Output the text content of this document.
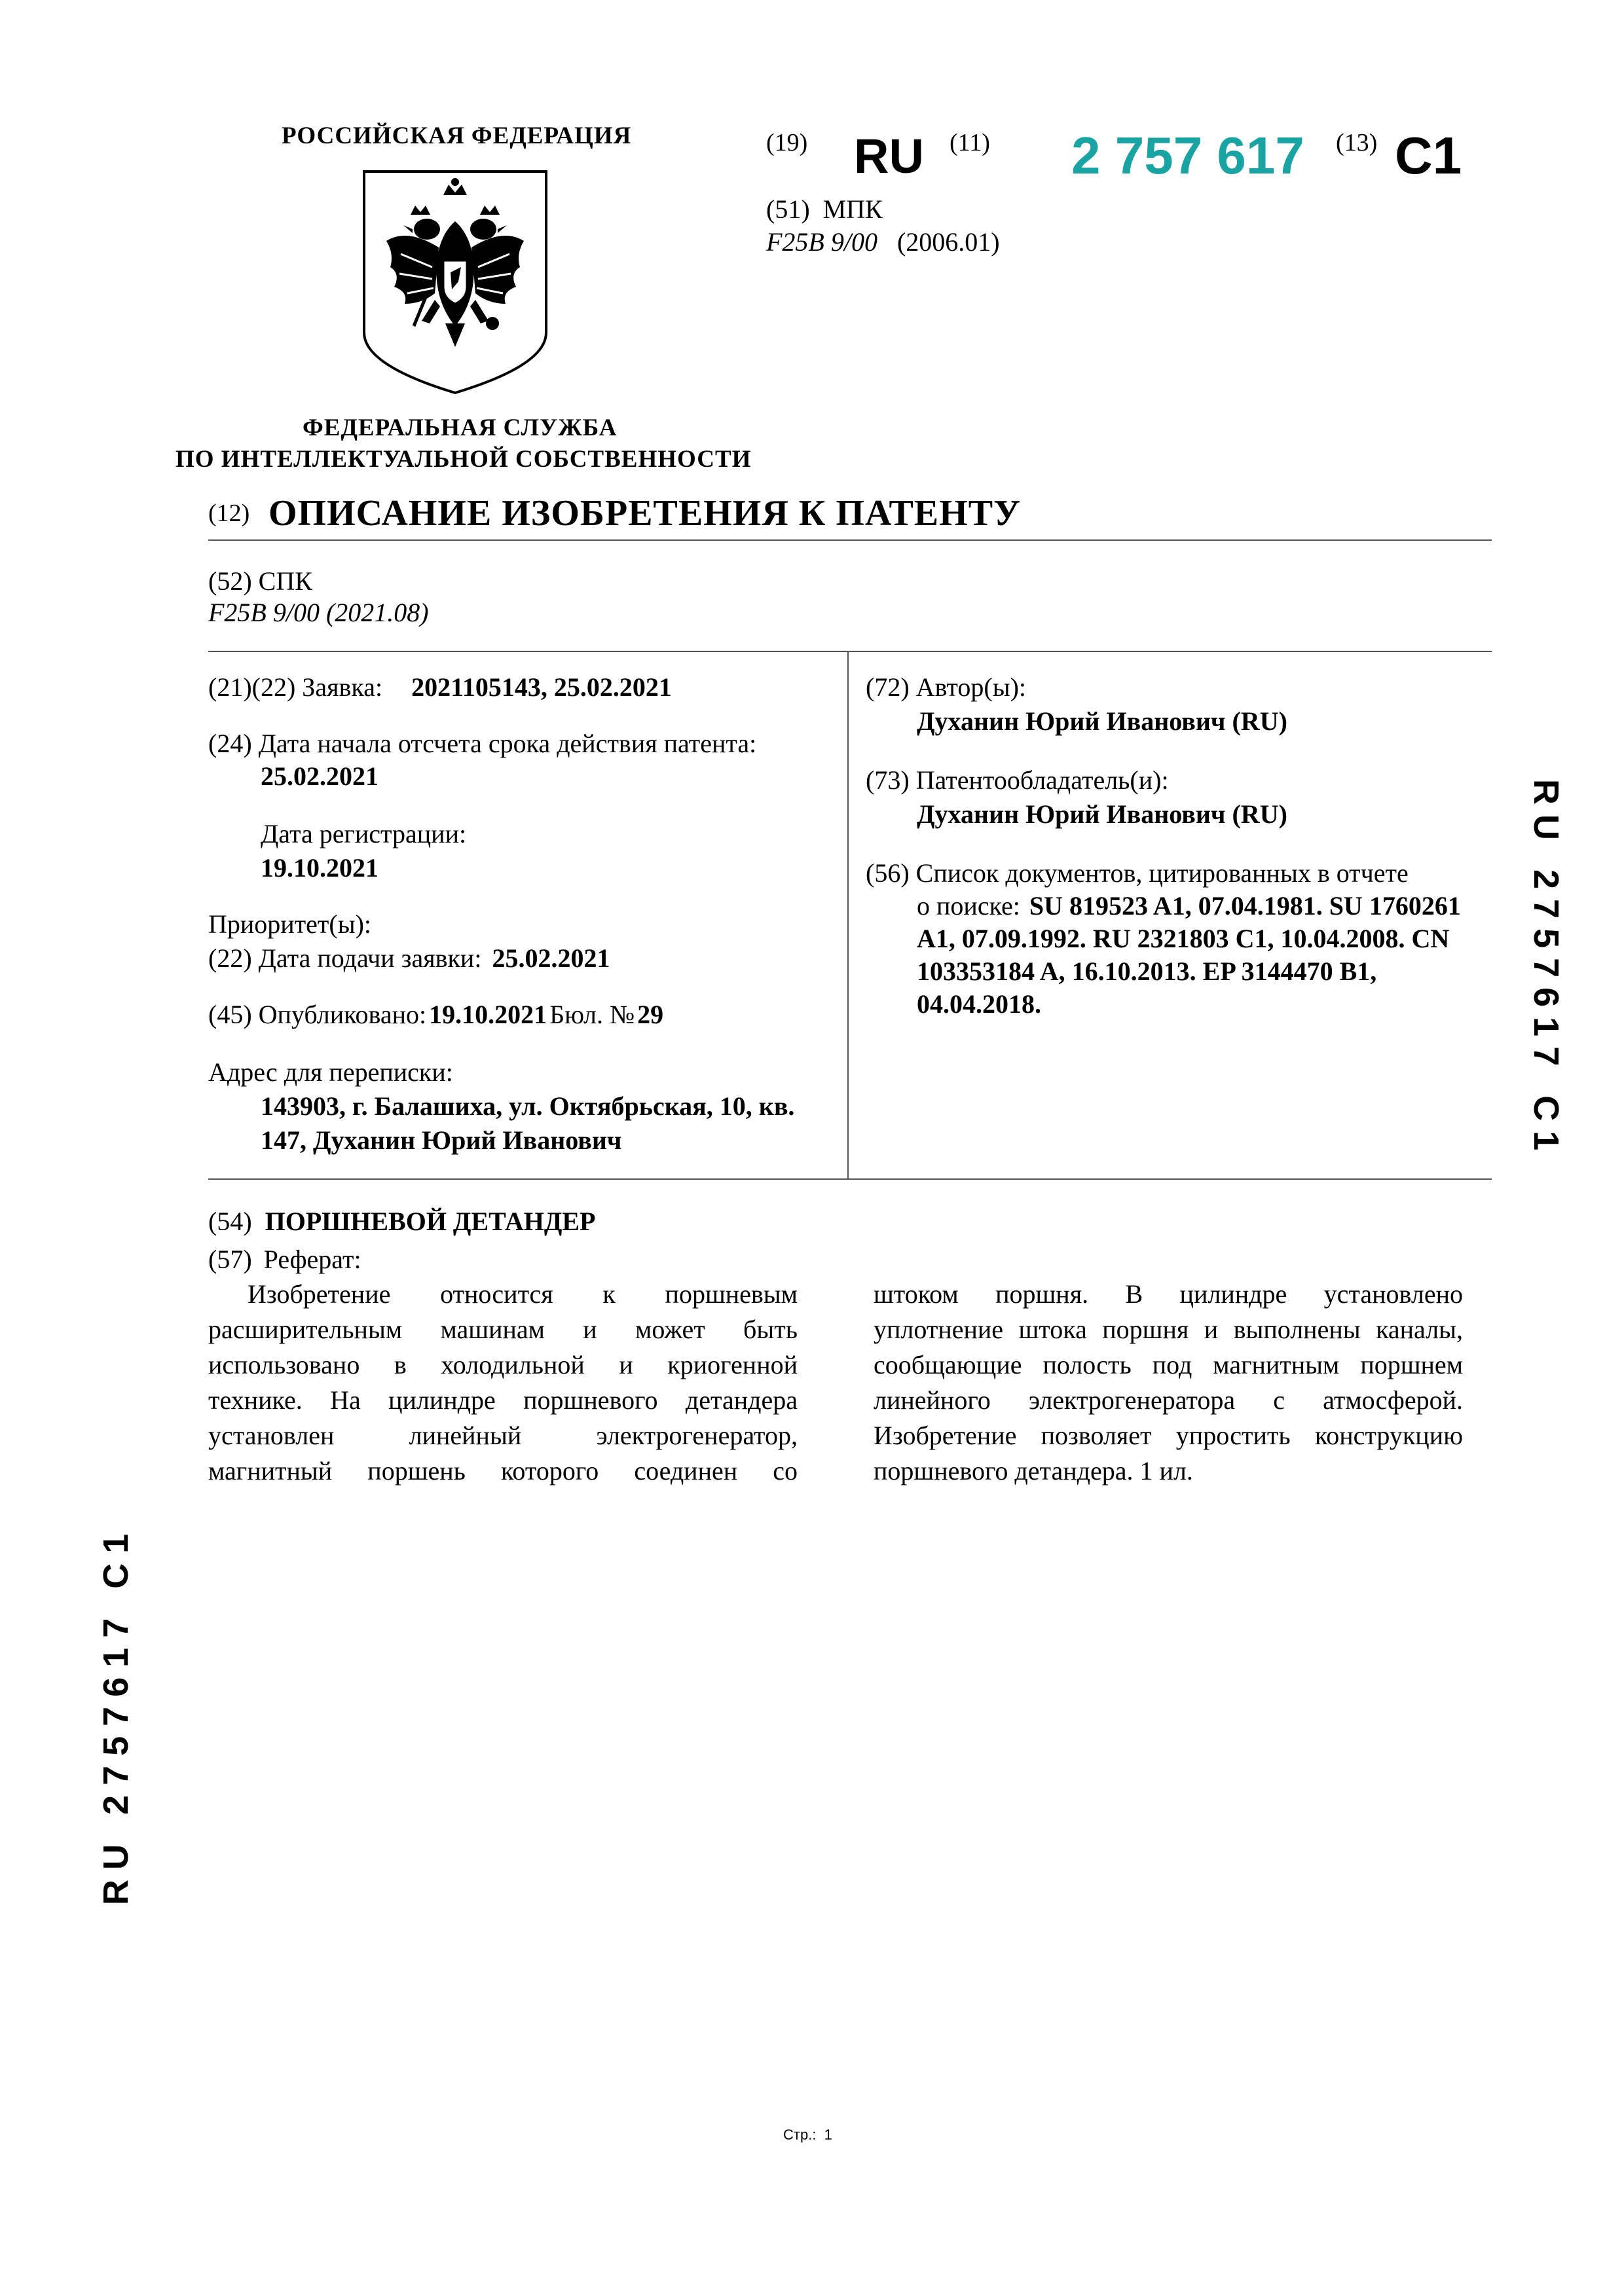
РОССИЙСКАЯ ФЕДЕРАЦИЯ
ФЕДЕРАЛЬНАЯ СЛУЖБА
ПО ИНТЕЛЛЕКТУАЛЬНОЙ СОБСТВЕННОСТИ
(19) RU (11) 2 757 617 (13) C1
(51) МПК
F25B 9/00 (2006.01)
(12) ОПИСАНИЕ ИЗОБРЕТЕНИЯ К ПАТЕНТУ
(52) СПК
F25B 9/00 (2021.08)
(21)(22) Заявка: 2021105143, 25.02.2021
(24) Дата начала отсчета срока действия патента:
25.02.2021
Дата регистрации:
19.10.2021
Приоритет(ы):
(22) Дата подачи заявки: 25.02.2021
(45) Опубликовано: 19.10.2021 Бюл. № 29
Адрес для переписки:
143903, г. Балашиха, ул. Октябрьская, 10, кв.
147, Духанин Юрий Иванович
(72) Автор(ы):
Духанин Юрий Иванович (RU)
(73) Патентообладатель(и):
Духанин Юрий Иванович (RU)
(56) Список документов, цитированных в отчете
о поиске: SU 819523 A1, 07.04.1981. SU 1760261
A1, 07.09.1992. RU 2321803 C1, 10.04.2008. CN
103353184 A, 16.10.2013. EP 3144470 B1,
04.04.2018.
(54) ПОРШНЕВОЙ ДЕТАНДЕР
(57) Реферат:
Изобретение относится к поршневым
расширительным машинам и может быть
использовано в холодильной и криогенной
технике. На цилиндре поршневого детандера
установлен линейный электрогенератор,
магнитный поршень которого соединен со
штоком поршня. В цилиндре установлено
уплотнение штока поршня и выполнены каналы,
сообщающие полость под магнитным поршнем
линейного электрогенератора с атмосферой.
Изобретение позволяет упростить конструкцию
поршневого детандера. 1 ил.
R U   2 7 5 7 6 1 7   C 1
R U   2 7 5 7 6 1 7   C 1
Стр.: 1
